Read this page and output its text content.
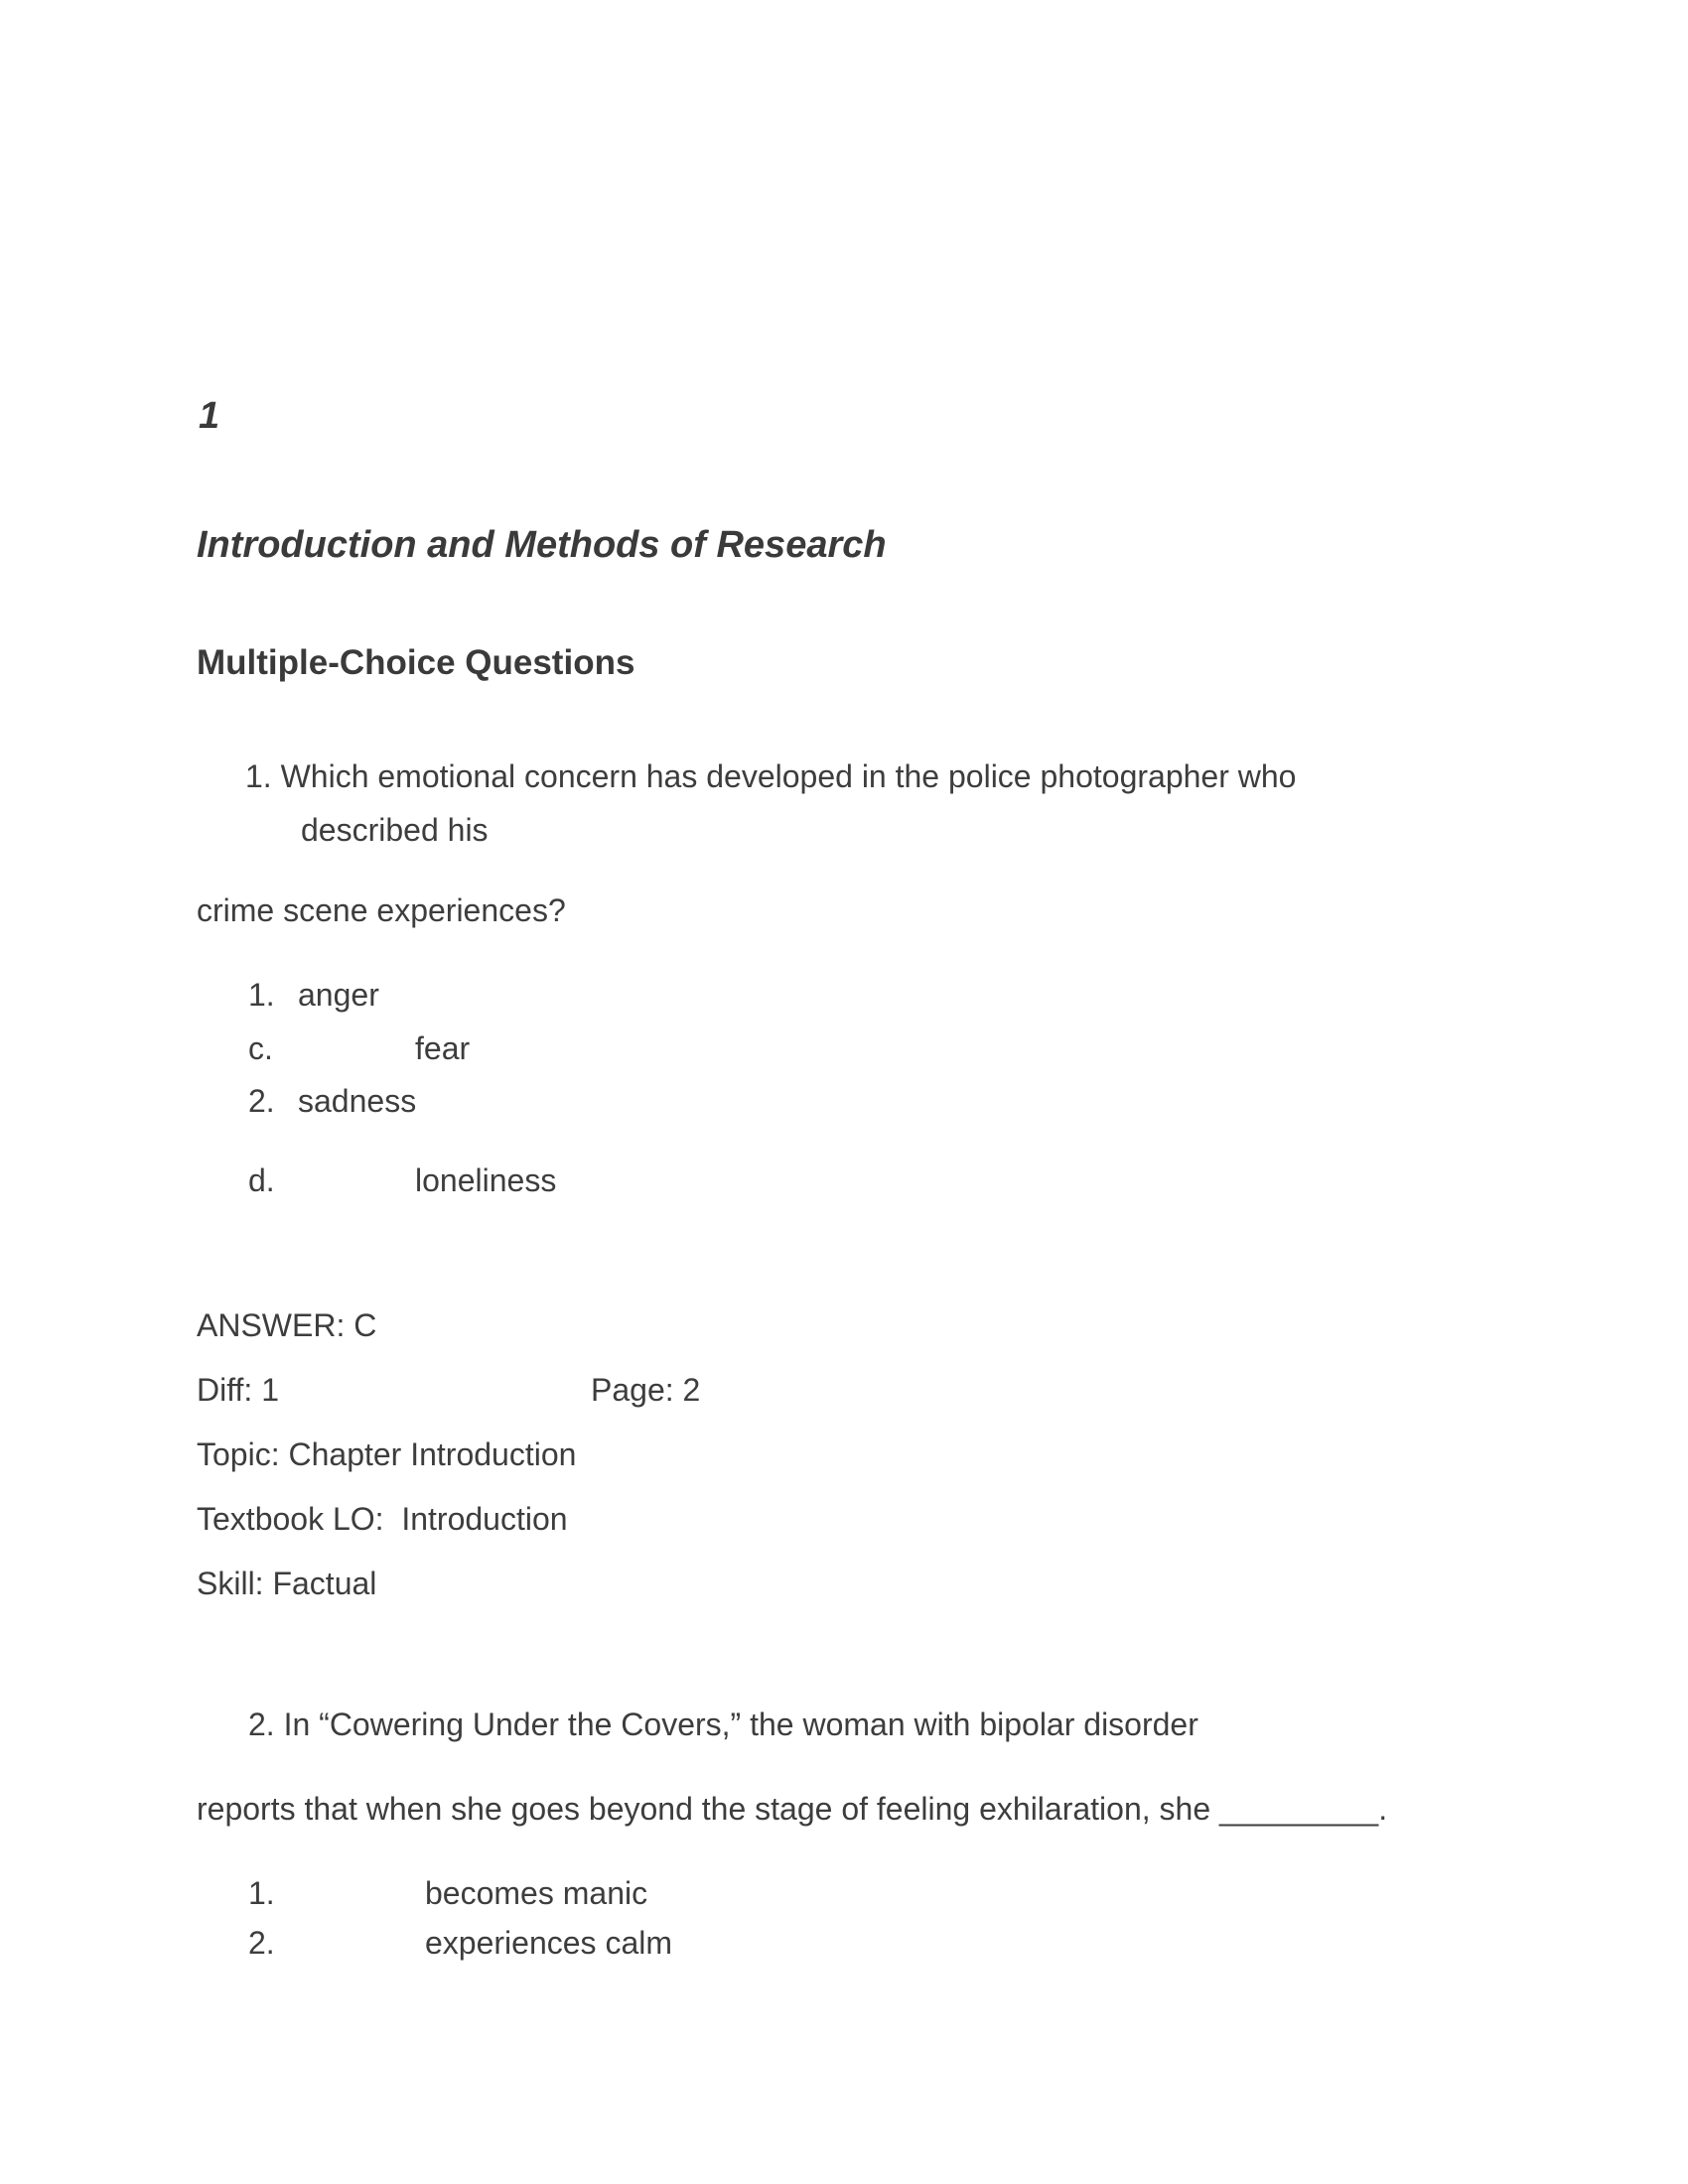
1
Introduction and Methods of Research
Multiple-Choice Questions
1. Which emotional concern has developed in the police photographer who
described his
crime scene experiences?
1. anger
c.	fear
2. sadness
d.	loneliness
ANSWER: C
Diff: 1	Page: 2
Topic: Chapter Introduction
Textbook LO:  Introduction
Skill: Factual
2. In “Cowering Under the Covers,” the woman with bipolar disorder
reports that when she goes beyond the stage of feeling exhilaration, she _________.
1.	becomes manic
2.	experiences calm
